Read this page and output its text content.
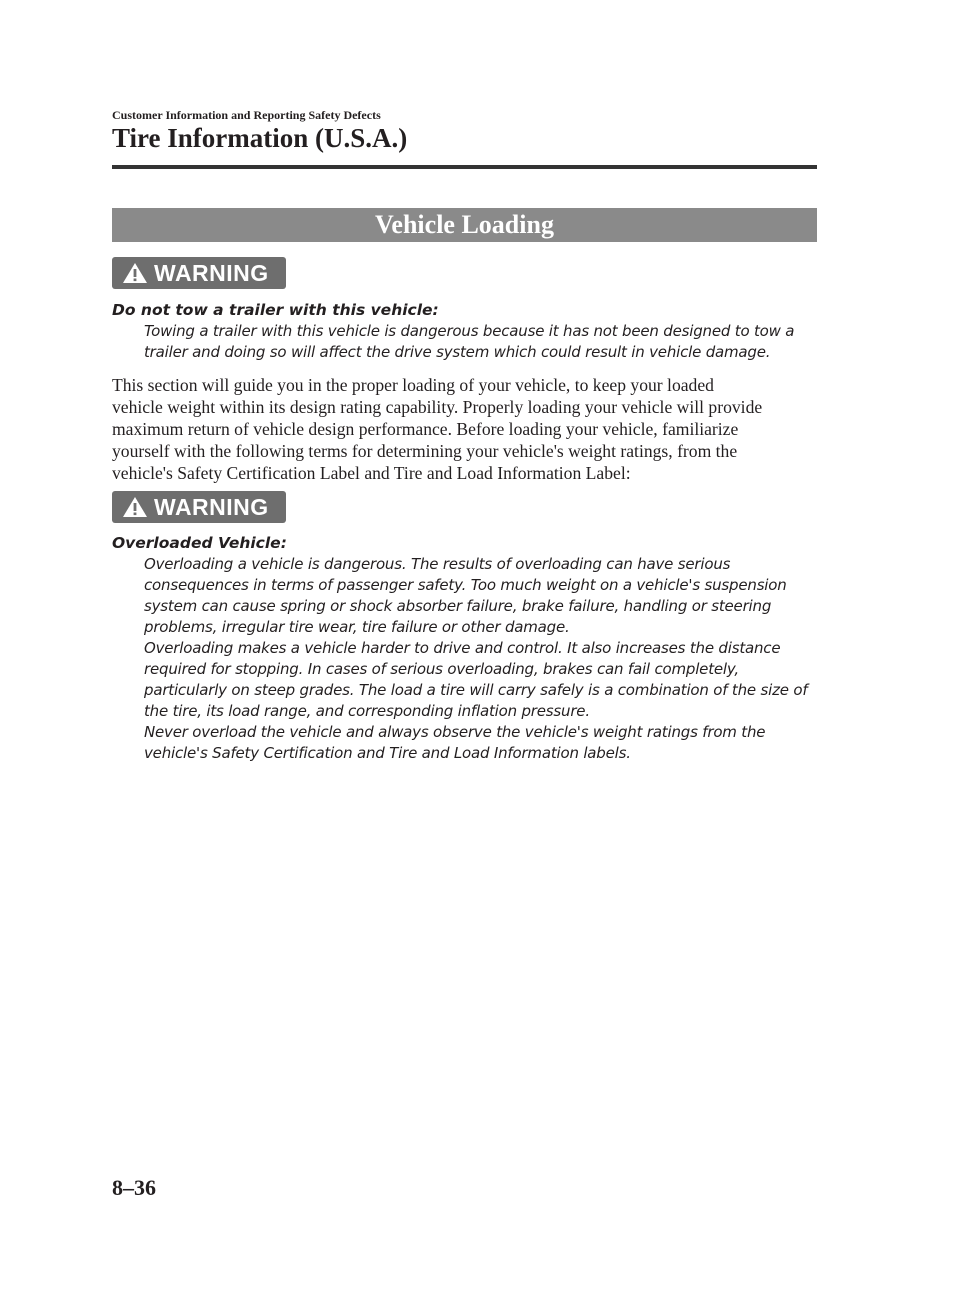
Customer Information and Reporting Safety Defects
Tire Information (U.S.A.)
Vehicle Loading
WARNING
Do not tow a trailer with this vehicle:
Towing a trailer with this vehicle is dangerous because it has not been designed to tow a
trailer and doing so will affect the drive system which could result in vehicle damage.
This section will guide you in the proper loading of your vehicle, to keep your loaded
vehicle weight within its design rating capability. Properly loading your vehicle will provide
maximum return of vehicle design performance. Before loading your vehicle, familiarize
yourself with the following terms for determining your vehicle's weight ratings, from the
vehicle's Safety Certification Label and Tire and Load Information Label:
WARNING
Overloaded Vehicle:
Overloading a vehicle is dangerous. The results of overloading can have serious
consequences in terms of passenger safety. Too much weight on a vehicle's suspension
system can cause spring or shock absorber failure, brake failure, handling or steering
problems, irregular tire wear, tire failure or other damage.
Overloading makes a vehicle harder to drive and control. It also increases the distance
required for stopping. In cases of serious overloading, brakes can fail completely,
particularly on steep grades. The load a tire will carry safely is a combination of the size of
the tire, its load range, and corresponding inflation pressure.
Never overload the vehicle and always observe the vehicle's weight ratings from the
vehicle's Safety Certification and Tire and Load Information labels.
8–36
